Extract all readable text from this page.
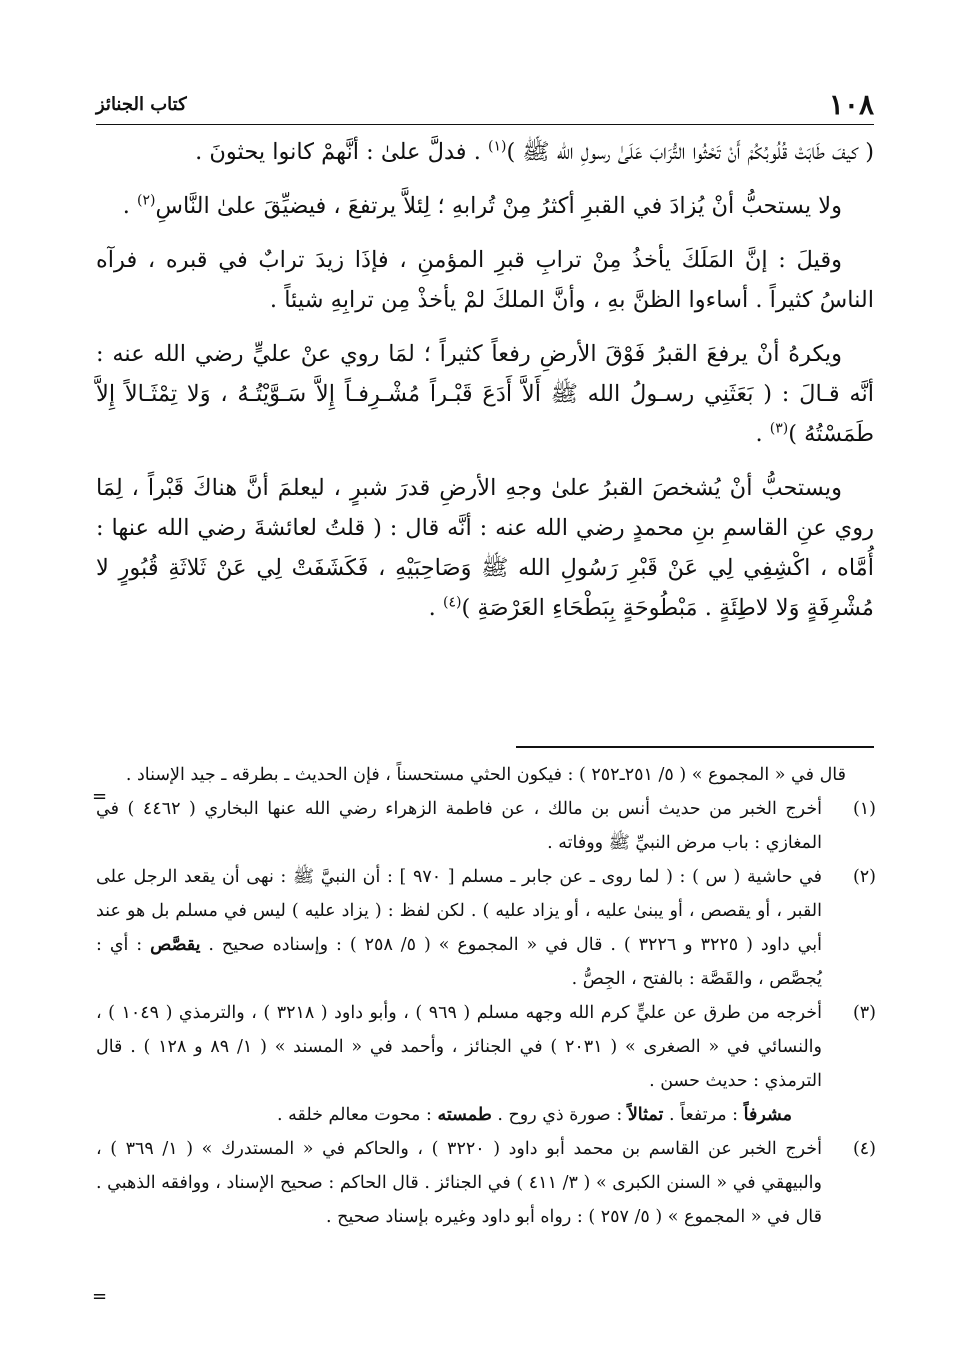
١٠٨
كتاب الجنائز

( كيفَ طَابَتْ قُلُوبُكُمْ أَنْ تَحْثُوا التُّرَابَ عَلَىٰ رسولِ الله ﷺ )$^{(١)}$ . فدلَّ علىٰ : أنَّهمْ كانوا يحثونَ .

ولا يستحبُّ أنْ يُزادَ في القبرِ أكثرُ مِنْ تُرابهِ ؛ لِئلاَّ يرتفعَ ، فيضيِّقَ علىٰ النَّاسِ$^{(٢)}$ .

وقيلَ : إنَّ المَلَكَ يأخذُ مِنْ ترابِ قبرِ المؤمنِ ، فإذَا زيدَ ترابٌ في قبره ، فرآه الناسُ كثيراً . أساءوا الظنَّ بهِ ، وأنَّ الملكَ لمْ يأخذْ مِن ترابِهِ شيئاً .

ويكرهُ أنْ يرفعَ القبرُ فَوْقَ الأرضِ رفعاً كثيراً ؛ لمَا روي عنْ عليٍّ رضي الله عنه : أنَّه قـالَ : ( بَعَثَنِي رسـولُ الله ﷺ أَلاَّ أَدَعَ قَبْـراً مُشْـرِفـاً إِلاَّ سَـوَّيْتُـهُ ، وَلا تِمْثَـالاً إِلاَّ طَمَسْتُهُ )$^{(٣)}$ .

ويستحبُّ أنْ يُشخصَ القبرُ علىٰ وجهِ الأرضِ قدرَ شبرٍ ، ليعلمَ أنَّ هناكَ قَبْراً ، لِمَا روي عنِ القاسمِ بنِ محمدٍ رضي الله عنه : أنَّه قال : ( قلتُ لعائشةَ رضي الله عنها : أُمَّاه ، اكْشِفِي لِي عَنْ قَبْرِ رَسُولِ الله ﷺ وَصَاحِبَيْهِ ، فَكَشَفَتْ لِي عَنْ ثَلاثَةِ قُبُورٍ لا مُشْرِفَةٍ وَلا لاطِئَةٍ . مَبْطُوحَةٍ بِبَطْحَاءِ العَرْصَةِ )$^{(٤)}$ .

=
=
قال في « المجموع » ( ٥/ ٢٥١ـ٢٥٢ ) : فيكون الحثي مستحسناً ، فإن الحديث ـ بطرقه ـ جيد الإسناد .
(١)
أخرج الخبر من حديث أنس بن مالك ، عن فاطمة الزهراء رضي الله عنها البخاري ( ٤٤٦٢ ) في المغازي : باب مرض النبيِّ ﷺ ووفاته .
(٢)
في حاشية ( س ) : ( لما روى ـ عن جابر ـ مسلم [ ٩٧٠ ] : أن النبيَّ ﷺ : نهى أن يقعد الرجل على القبر ، أو يقصص ، أو يبنىٰ عليه ، أو يزاد عليه ) . لكن لفظ : ( يزاد عليه ) ليس في مسلم بل هو عند أبي داود ( ٣٢٢٥ و ٣٢٢٦ ) . قال في « المجموع » ( ٥/ ٢٥٨ ) : وإسناده صحيح . يقصَّص : أي : يُجصَّص ، والقَصَّة : بالفتح ، الجِصُّ .
(٣)
أخرجه من طرق عن عليٍّ كرم الله وجهه مسلم ( ٩٦٩ ) ، وأبو داود ( ٣٢١٨ ) ، والترمذي ( ١٠٤٩ ) ، والنسائي في « الصغرى » ( ٢٠٣١ ) في الجنائز ، وأحمد في « المسند » ( ١/ ٨٩ و ١٢٨ ) . قال الترمذي : حديث حسن .
مشرفاً : مرتفعاً . تمثالاً : صورة ذي روح . طمسته : محوت معالم خلقه .
(٤)
أخرج الخبر عن القاسم بن محمد أبو داود ( ٣٢٢٠ ) ، والحاكم في « المستدرك » ( ١/ ٣٦٩ ) ، والبيهقي في « السنن الكبرى » ( ٣/ ٤١١ ) في الجنائز . قال الحاكم : صحيح الإسناد ، ووافقه الذهبي . قال في « المجموع » ( ٥/ ٢٥٧ ) : رواه أبو داود وغيره بإسناد صحيح .
